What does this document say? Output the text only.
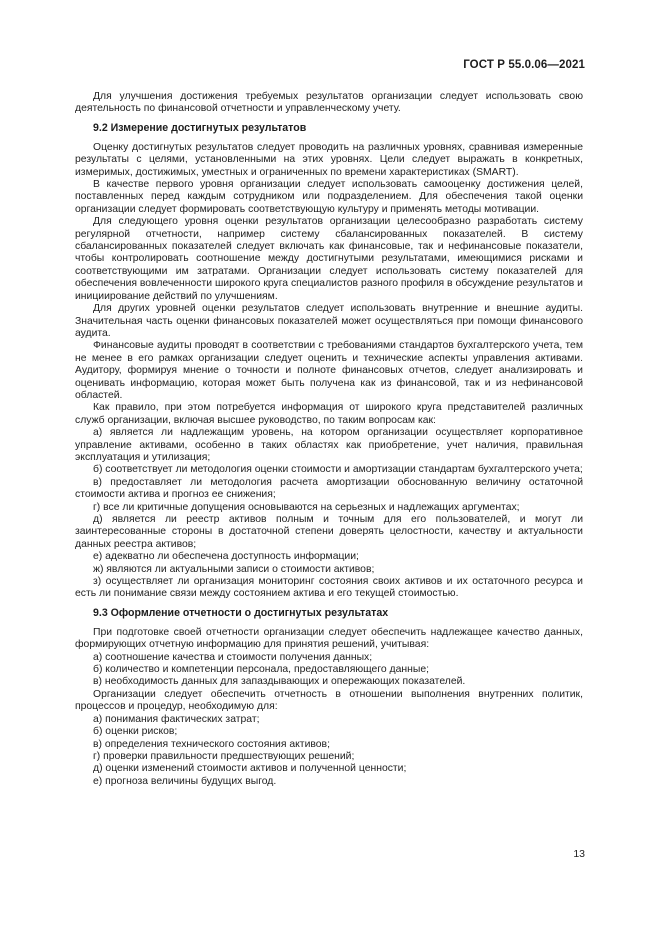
ГОСТ Р 55.0.06—2021

Для улучшения достижения требуемых результатов организации следует использовать свою деятельность по финансовой отчетности и управленческому учету.

9.2 Измерение достигнутых результатов

Оценку достигнутых результатов следует проводить на различных уровнях, сравнивая измеренные результаты с целями, установленными на этих уровнях. Цели следует выражать в конкретных, измеримых, достижимых, уместных и ограниченных по времени характеристиках (SMART).

В качестве первого уровня организации следует использовать самооценку достижения целей, поставленных перед каждым сотрудником или подразделением. Для обеспечения такой оценки организации следует формировать соответствующую культуру и применять методы мотивации.

Для следующего уровня оценки результатов организации целесообразно разработать систему регулярной отчетности, например систему сбалансированных показателей. В систему сбалансированных показателей следует включать как финансовые, так и нефинансовые показатели, чтобы контролировать соотношение между достигнутыми результатами, имеющимися рисками и соответствующими им затратами. Организации следует использовать систему показателей для обеспечения вовлеченности широкого круга специалистов разного профиля в обсуждение результатов и инициирование действий по улучшениям.

Для других уровней оценки результатов следует использовать внутренние и внешние аудиты. Значительная часть оценки финансовых показателей может осуществляться при помощи финансового аудита.

Финансовые аудиты проводят в соответствии с требованиями стандартов бухгалтерского учета, тем не менее в его рамках организации следует оценить и технические аспекты управления активами. Аудитору, формируя мнение о точности и полноте финансовых отчетов, следует анализировать и оценивать информацию, которая может быть получена как из финансовой, так и из нефинансовой областей.

Как правило, при этом потребуется информация от широкого круга представителей различных служб организации, включая высшее руководство, по таким вопросам как:

а) является ли надлежащим уровень, на котором организации осуществляет корпоративное управление активами, особенно в таких областях как приобретение, учет наличия, правильная эксплуатация и утилизация;

б) соответствует ли методология оценки стоимости и амортизации стандартам бухгалтерского учета;

в) предоставляет ли методология расчета амортизации обоснованную величину остаточной стоимости актива и прогноз ее снижения;

г) все ли критичные допущения основываются на серьезных и надлежащих аргументах;

д) является ли реестр активов полным и точным для его пользователей, и могут ли заинтересованные стороны в достаточной степени доверять целостности, качеству и актуальности данных реестра активов;

е) адекватно ли обеспечена доступность информации;

ж) являются ли актуальными записи о стоимости активов;

з) осуществляет ли организация мониторинг состояния своих активов и их остаточного ресурса и есть ли понимание связи между состоянием актива и его текущей стоимостью.

9.3 Оформление отчетности о достигнутых результатах

При подготовке своей отчетности организации следует обеспечить надлежащее качество данных, формирующих отчетную информацию для принятия решений, учитывая:

а) соотношение качества и стоимости получения данных;

б) количество и компетенции персонала, предоставляющего данные;

в) необходимость данных для запаздывающих и опережающих показателей.

Организации следует обеспечить отчетность в отношении выполнения внутренних политик, процессов и процедур, необходимую для:

а) понимания фактических затрат;

б) оценки рисков;

в) определения технического состояния активов;

г) проверки правильности предшествующих решений;

д) оценки изменений стоимости активов и полученной ценности;

е) прогноза величины будущих выгод.

13
